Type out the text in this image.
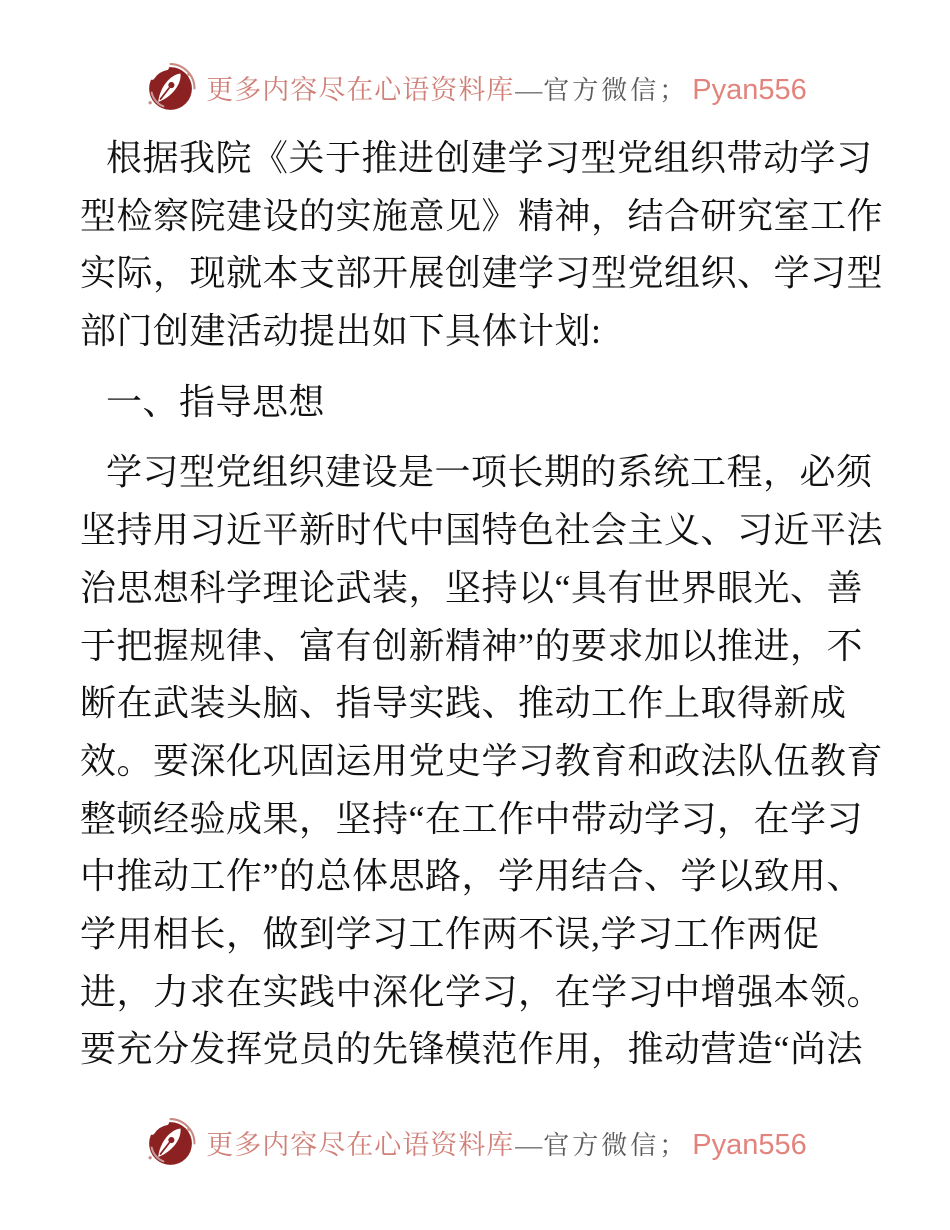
更多内容尽在心语资料库 — 官方微信； Pyan556
根据我院《关于推进创建学习型党组织带动学习
型检察院建设的实施意见》精神，结合研究室工作
实际，现就本支部开展创建学习型党组织、学习型
部门创建活动提出如下具体计划:
一、指导思想
学习型党组织建设是一项长期的系统工程，必须
坚持用习近平新时代中国特色社会主义、习近平法
治思想科学理论武装，坚持以“具有世界眼光、善
于把握规律、富有创新精神”的要求加以推进，不
断在武装头脑、指导实践、推动工作上取得新成
效。要深化巩固运用党史学习教育和政法队伍教育
整顿经验成果，坚持“在工作中带动学习，在学习
中推动工作”的总体思路，学用结合、学以致用、
学用相长，做到学习工作两不误,学习工作两促
进，力求在实践中深化学习，在学习中增强本领。
要充分发挥党员的先锋模范作用，推动营造“尚法
更多内容尽在心语资料库 — 官方微信； Pyan556
